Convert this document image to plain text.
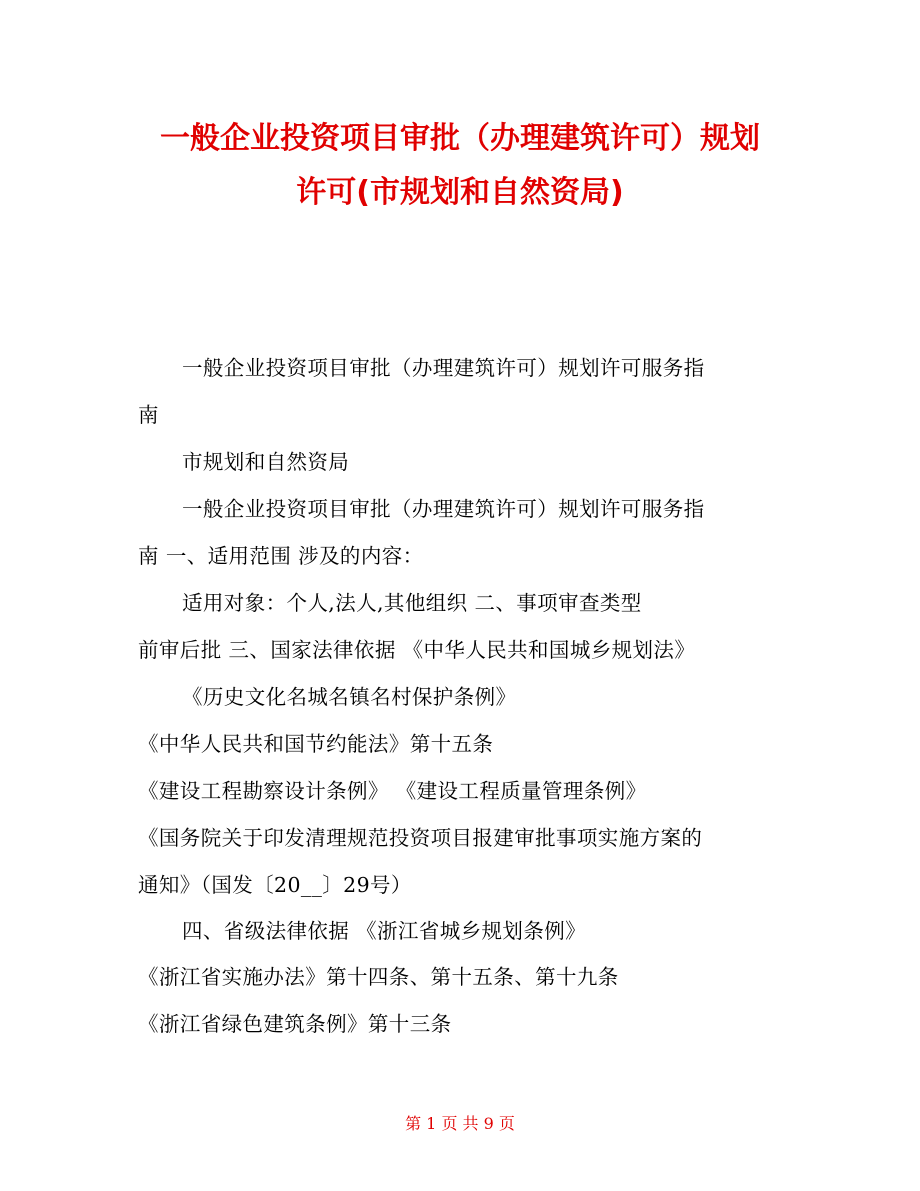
一般企业投资项目审批（办理建筑许可）规划
许可(市规划和自然资局)
一般企业投资项目审批（办理建筑许可）规划许可服务指
南
市规划和自然资局
一般企业投资项目审批（办理建筑许可）规划许可服务指
南 一、适用范围 涉及的内容：
适用对象：个人,法人,其他组织 二、事项审查类型
前审后批 三、国家法律依据 《中华人民共和国城乡规划法》
《历史文化名城名镇名村保护条例》
《中华人民共和国节约能法》第十五条
《建设工程勘察设计条例》 《建设工程质量管理条例》
《国务院关于印发清理规范投资项目报建审批事项实施方案的
通知》（国发〔20__〕29号）
四、省级法律依据 《浙江省城乡规划条例》
《浙江省实施办法》第十四条、第十五条、第十九条
《浙江省绿色建筑条例》第十三条
第 1 页 共 9 页
